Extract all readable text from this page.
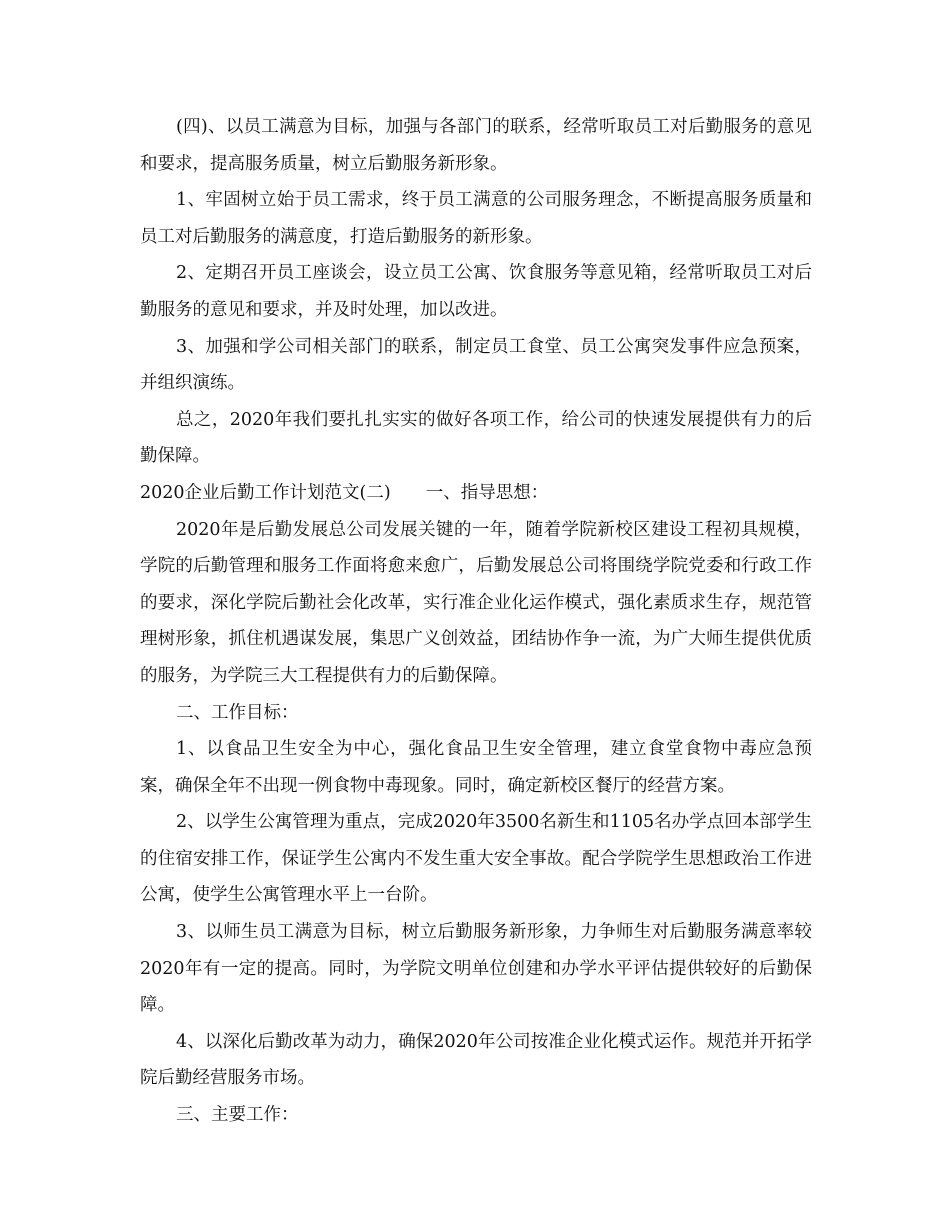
(四)、以员工满意为目标，加强与各部门的联系，经常听取员工对后勤服务的意见和要求，提高服务质量，树立后勤服务新形象。

1、牢固树立始于员工需求，终于员工满意的公司服务理念，不断提高服务质量和员工对后勤服务的满意度，打造后勤服务的新形象。

2、定期召开员工座谈会，设立员工公寓、饮食服务等意见箱，经常听取员工对后勤服务的意见和要求，并及时处理，加以改进。

3、加强和学公司相关部门的联系，制定员工食堂、员工公寓突发事件应急预案，并组织演练。

总之，2020年我们要扎扎实实的做好各项工作，给公司的快速发展提供有力的后勤保障。

2020企业后勤工作计划范文(二)　　一、指导思想：

2020年是后勤发展总公司发展关键的一年，随着学院新校区建设工程初具规模，学院的后勤管理和服务工作面将愈来愈广，后勤发展总公司将围绕学院党委和行政工作的要求，深化学院后勤社会化改革，实行准企业化运作模式，强化素质求生存，规范管理树形象，抓住机遇谋发展，集思广义创效益，团结协作争一流，为广大师生提供优质的服务，为学院三大工程提供有力的后勤保障。

二、工作目标：

1、以食品卫生安全为中心，强化食品卫生安全管理，建立食堂食物中毒应急预案，确保全年不出现一例食物中毒现象。同时，确定新校区餐厅的经营方案。

2、以学生公寓管理为重点，完成2020年3500名新生和1105名办学点回本部学生的住宿安排工作，保证学生公寓内不发生重大安全事故。配合学院学生思想政治工作进公寓，使学生公寓管理水平上一台阶。

3、以师生员工满意为目标，树立后勤服务新形象，力争师生对后勤服务满意率较2020年有一定的提高。同时，为学院文明单位创建和办学水平评估提供较好的后勤保障。

4、以深化后勤改革为动力，确保2020年公司按准企业化模式运作。规范并开拓学院后勤经营服务市场。

三、主要工作：
